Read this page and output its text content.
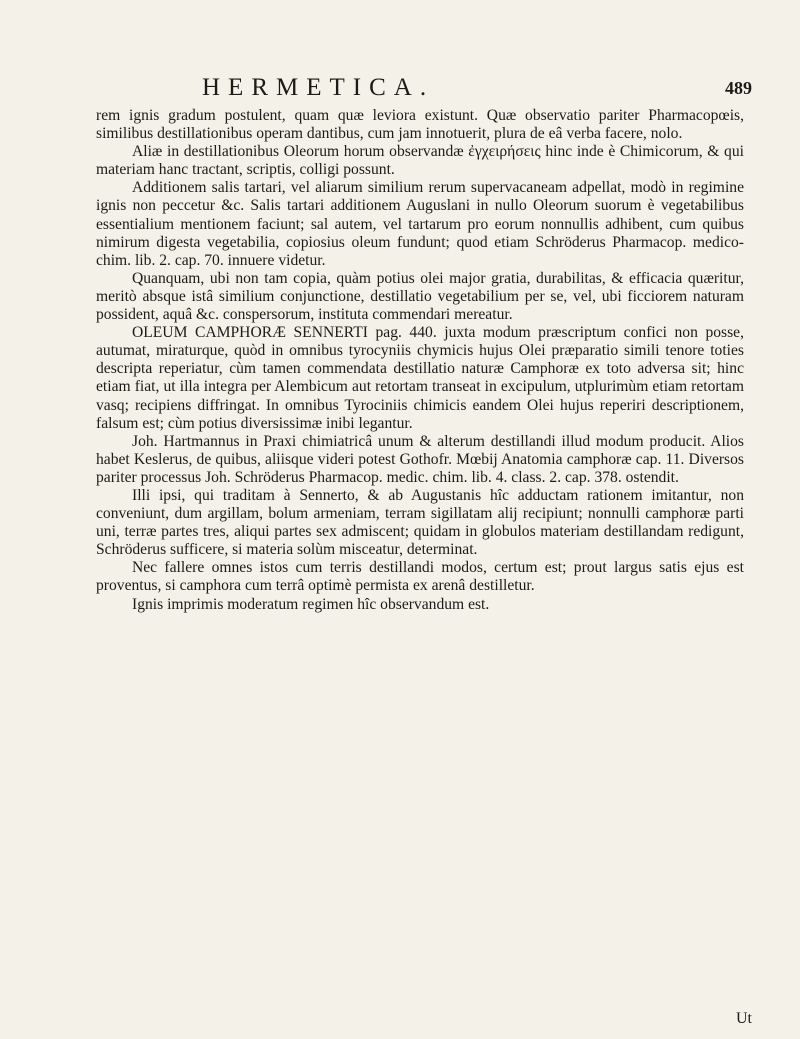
HERMETICA.	489

rem ignis gradum postulent, quam quæ leviora existunt. Quæ observatio pariter Pharmacopœis, similibus destillationibus operam dantibus, cum jam innotuerit, plura de eâ verba facere, nolo.

Aliæ in destillationibus Oleorum horum observandæ ἐγχειρήσεις hinc inde è Chimicorum, & qui materiam hanc tractant, scriptis, colligi possunt.

Additionem salis tartari, vel aliarum similium rerum supervacaneam adpellat, modò in regimine ignis non peccetur &c. Salis tartari additionem Auguslani in nullo Oleorum suorum è vegetabilibus essentialium mentionem faciunt; sal autem, vel tartarum pro eorum nonnullis adhibent, cum quibus nimirum digesta vegetabilia, copiosius oleum fundunt; quod etiam Schröderus Pharmacop. medico-chim. lib. 2. cap. 70. innuere videtur.

Quanquam, ubi non tam copia, quàm potius olei major gratia, durabilitas, & efficacia quæritur, meritò absque istâ similium conjunctione, destillatio vegetabilium per se, vel, ubi ficciorem naturam possident, aquâ &c. conspersorum, instituta commendari mereatur.

OLEUM CAMPHORÆ SENNERTI pag. 440. juxta modum præscriptum confici non posse, autumat, miraturque, quòd in omnibus tyrocyniis chymicis hujus Olei præparatio simili tenore toties descripta reperiatur, cùm tamen commendata destillatio naturæ Camphoræ ex toto adversa sit; hinc etiam fiat, ut illa integra per Alembicum aut retortam transeat in excipulum, utplurimùm etiam retortam vasq; recipiens diffringat. In omnibus Tyrociniis chimicis eandem Olei hujus reperiri descriptionem, falsum est; cùm potius diversissimæ inibi legantur.

Joh. Hartmannus in Praxi chimiatricâ unum & alterum destillandi illud modum producit. Alios habet Keslerus, de quibus, aliisque videri potest Gothofr. Mœbij Anatomia camphoræ cap. 11. Diversos pariter processus Joh. Schröderus Pharmacop. medic. chim. lib. 4. class. 2. cap. 378. ostendit.

Illi ipsi, qui traditam à Sennerto, & ab Augustanis hîc adductam rationem imitantur, non conveniunt, dum argillam, bolum armeniam, terram sigillatam alij recipiunt; nonnulli camphoræ parti uni, terræ partes tres, aliqui partes sex admiscent; quidam in globulos materiam destillandam redigunt, Schröderus sufficere, si materia solùm misceatur, determinat.

Nec fallere omnes istos cum terris destillandi modos, certum est; prout largus satis ejus est proventus, si camphora cum terrâ optimè permista ex arenâ destilletur.

Ignis imprimis moderatum regimen hîc observandum est.

Ut
